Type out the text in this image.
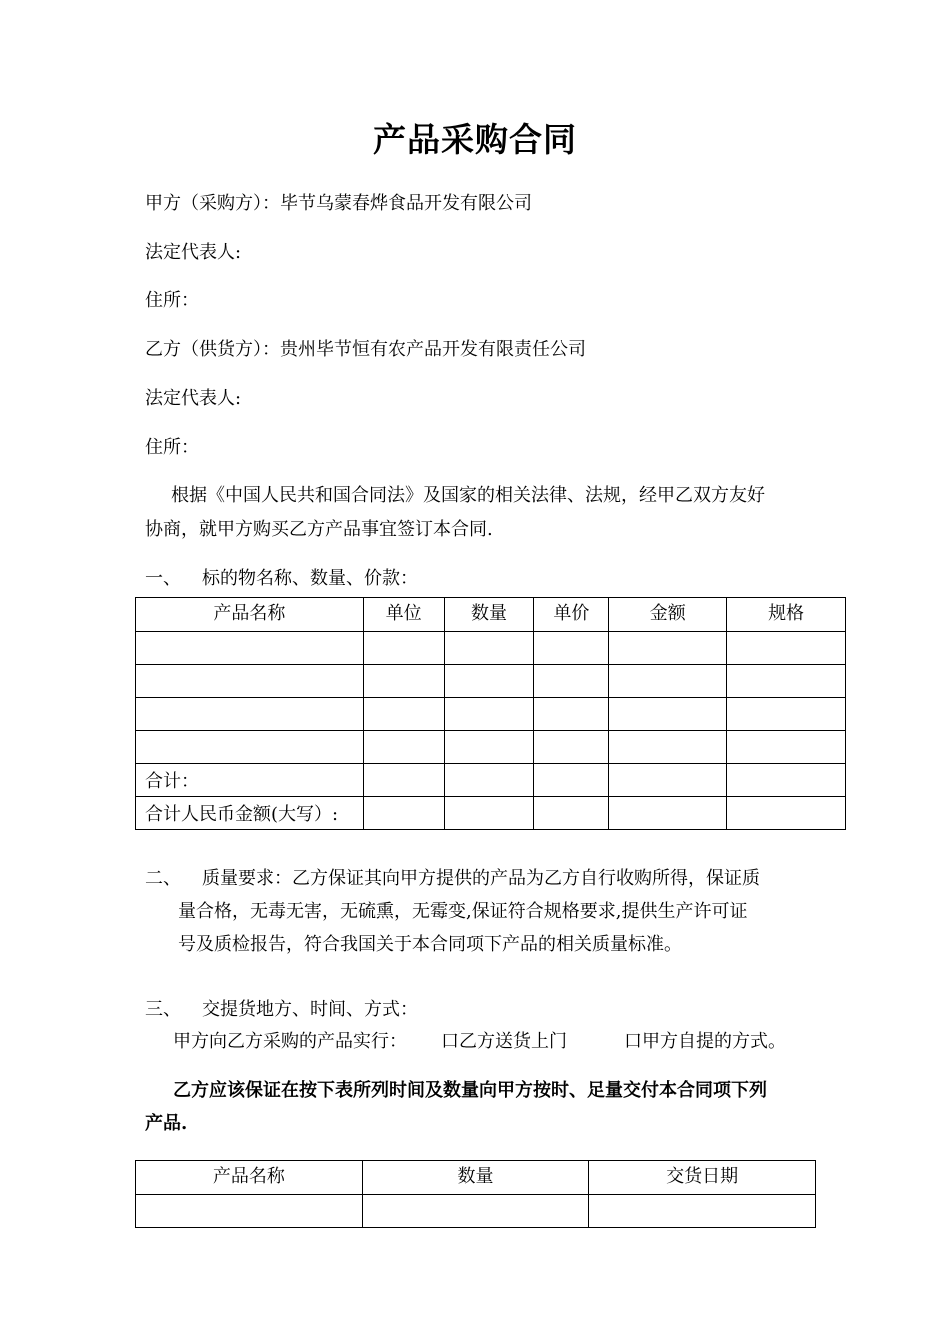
产品采购合同
甲方（采购方）：毕节乌蒙春烨食品开发有限公司
法定代表人:
住所：
乙方（供货方）：贵州毕节恒有农产品开发有限责任公司
法定代表人:
住所：
根据《中国人民共和国合同法》及国家的相关法律、法规，经甲乙双方友好
协商，就甲方购买乙方产品事宜签订本合同.
一、 标的物名称、数量、价款：
产品名称	单位	数量	单价	金额	规格

合计：					
合计人民币金额(大写）:					
二、 质量要求：乙方保证其向甲方提供的产品为乙方自行收购所得，保证质
量合格，无毒无害，无硫熏，无霉变,保证符合规格要求,提供生产许可证
号及质检报告，符合我国关于本合同项下产品的相关质量标准。
三、 交提货地方、时间、方式：
甲方向乙方采购的产品实行： 口乙方送货上门	口甲方自提的方式。
乙方应该保证在按下表所列时间及数量向甲方按时、足量交付本合同项下列
产品.
产品名称	数量	交货日期
